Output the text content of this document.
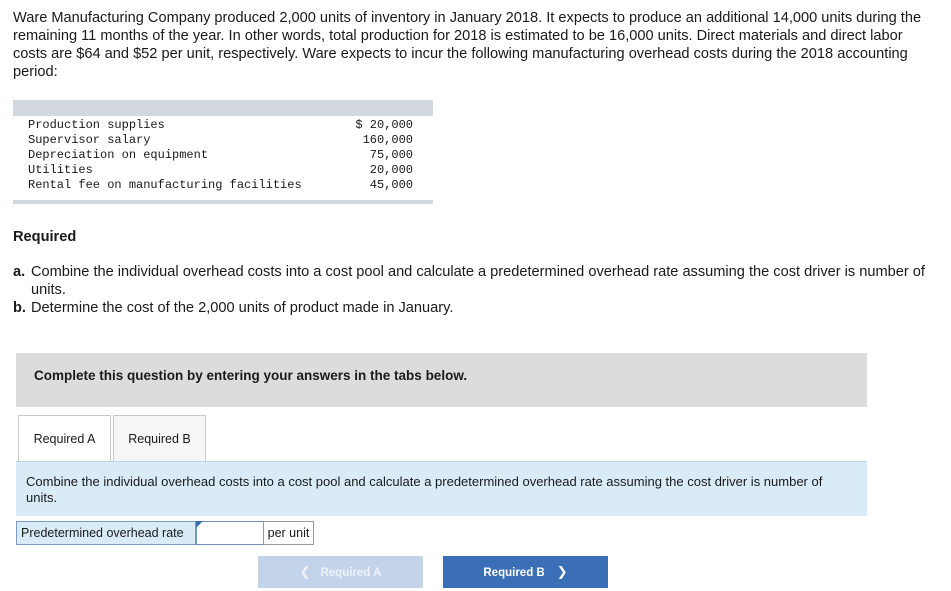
Ware Manufacturing Company produced 2,000 units of inventory in January 2018. It expects to produce an additional 14,000 units during the remaining 11 months of the year. In other words, total production for 2018 is estimated to be 16,000 units. Direct materials and direct labor costs are $64 and $52 per unit, respectively. Ware expects to incur the following manufacturing overhead costs during the 2018 accounting period:

Production supplies	$ 20,000
Supervisor salary	160,000
Depreciation on equipment	75,000
Utilities	20,000
Rental fee on manufacturing facilities	45,000

Required

a. Combine the individual overhead costs into a cost pool and calculate a predetermined overhead rate assuming the cost driver is number of units.
b. Determine the cost of the 2,000 units of product made in January.
Complete this question by entering your answers in the tabs below.
Required A	Required B
Combine the individual overhead costs into a cost pool and calculate a predetermined overhead rate assuming the cost driver is number of units.
Predetermined overhead rate	per unit
❮ Required A	Required B ❯
